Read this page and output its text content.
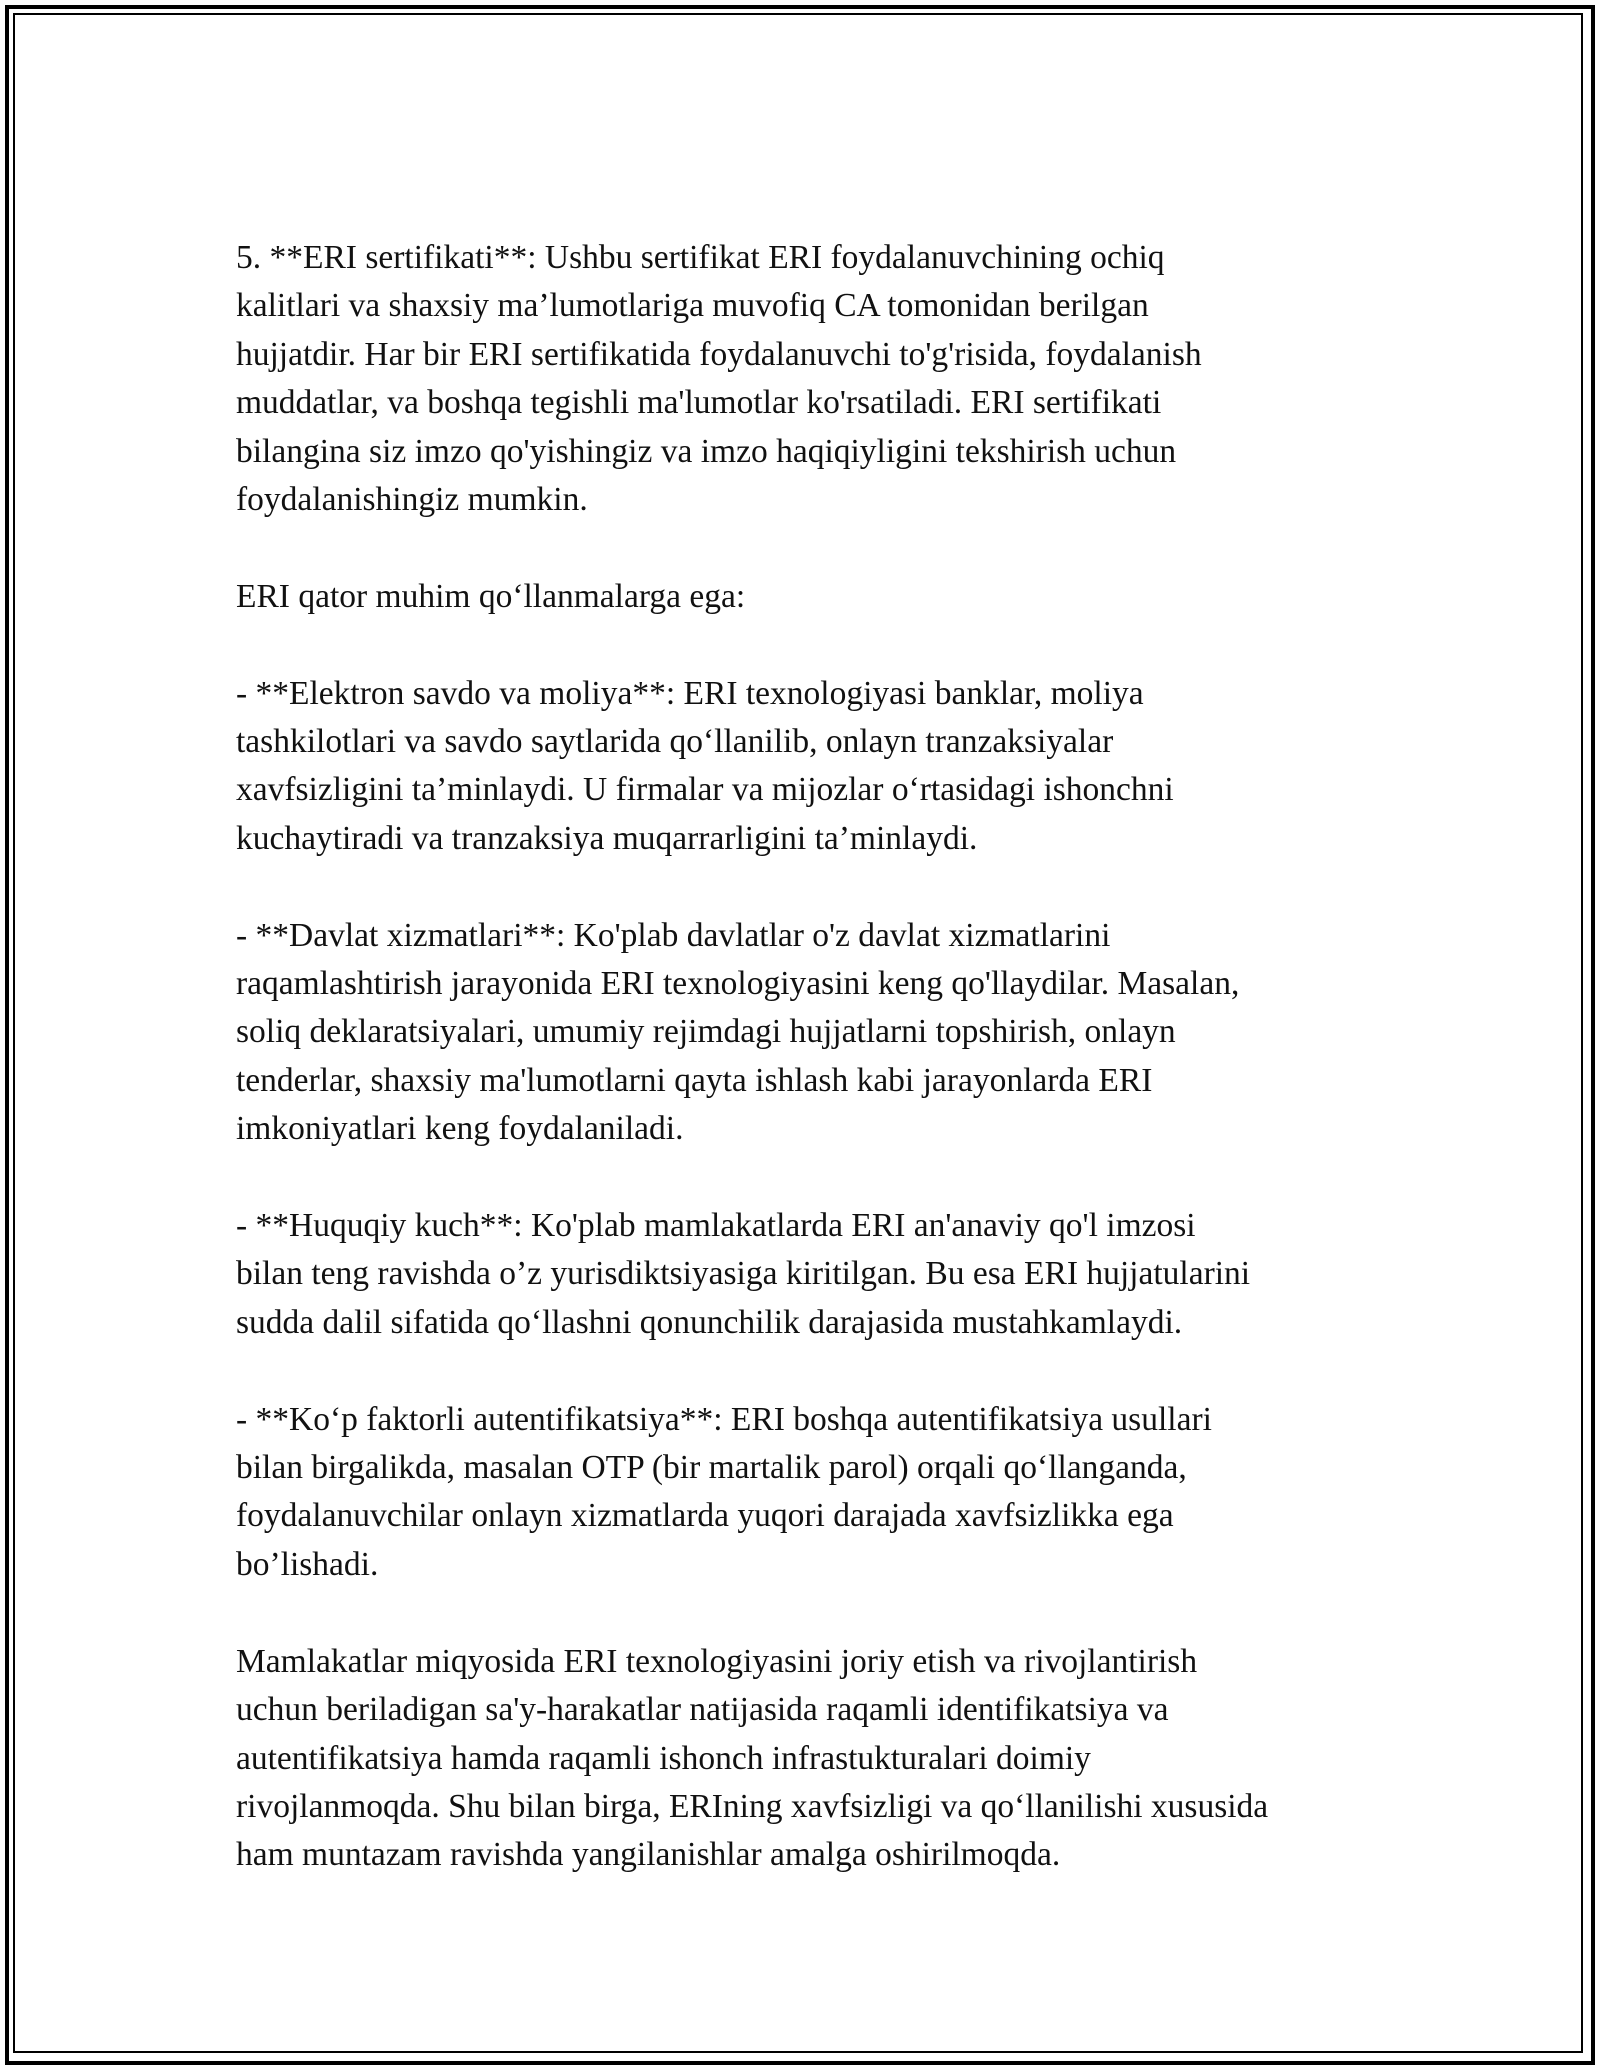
5. **ERI sertifikati**: Ushbu sertifikat ERI foydalanuvchining ochiq
kalitlari va shaxsiy ma’lumotlariga muvofiq CA tomonidan berilgan
hujjatdir. Har bir ERI sertifikatida foydalanuvchi to'g'risida, foydalanish
muddatlar, va boshqa tegishli ma'lumotlar ko'rsatiladi. ERI sertifikati
bilangina siz imzo qo'yishingiz va imzo haqiqiyligini tekshirish uchun
foydalanishingiz mumkin.

ERI qator muhim qo‘llanmalarga ega:

- **Elektron savdo va moliya**: ERI texnologiyasi banklar, moliya
tashkilotlari va savdo saytlarida qo‘llanilib, onlayn tranzaksiyalar
xavfsizligini ta’minlaydi. U firmalar va mijozlar o‘rtasidagi ishonchni
kuchaytiradi va tranzaksiya muqarrarligini ta’minlaydi.

- **Davlat xizmatlari**: Ko'plab davlatlar o'z davlat xizmatlarini
raqamlashtirish jarayonida ERI texnologiyasini keng qo'llaydilar. Masalan,
soliq deklaratsiyalari, umumiy rejimdagi hujjatlarni topshirish, onlayn
tenderlar, shaxsiy ma'lumotlarni qayta ishlash kabi jarayonlarda ERI
imkoniyatlari keng foydalaniladi.

- **Huquqiy kuch**: Ko'plab mamlakatlarda ERI an'anaviy qo'l imzosi
bilan teng ravishda o’z yurisdiktsiyasiga kiritilgan. Bu esa ERI hujjatularini
sudda dalil sifatida qo‘llashni qonunchilik darajasida mustahkamlaydi.

- **Ko‘p faktorli autentifikatsiya**: ERI boshqa autentifikatsiya usullari
bilan birgalikda, masalan OTP (bir martalik parol) orqali qo‘llanganda,
foydalanuvchilar onlayn xizmatlarda yuqori darajada xavfsizlikka ega
bo’lishadi.

Mamlakatlar miqyosida ERI texnologiyasini joriy etish va rivojlantirish
uchun beriladigan sa'y-harakatlar natijasida raqamli identifikatsiya va
autentifikatsiya hamda raqamli ishonch infrastukturalari doimiy
rivojlanmoqda. Shu bilan birga, ERIning xavfsizligi va qo‘llanilishi xususida
ham muntazam ravishda yangilanishlar amalga oshirilmoqda.
